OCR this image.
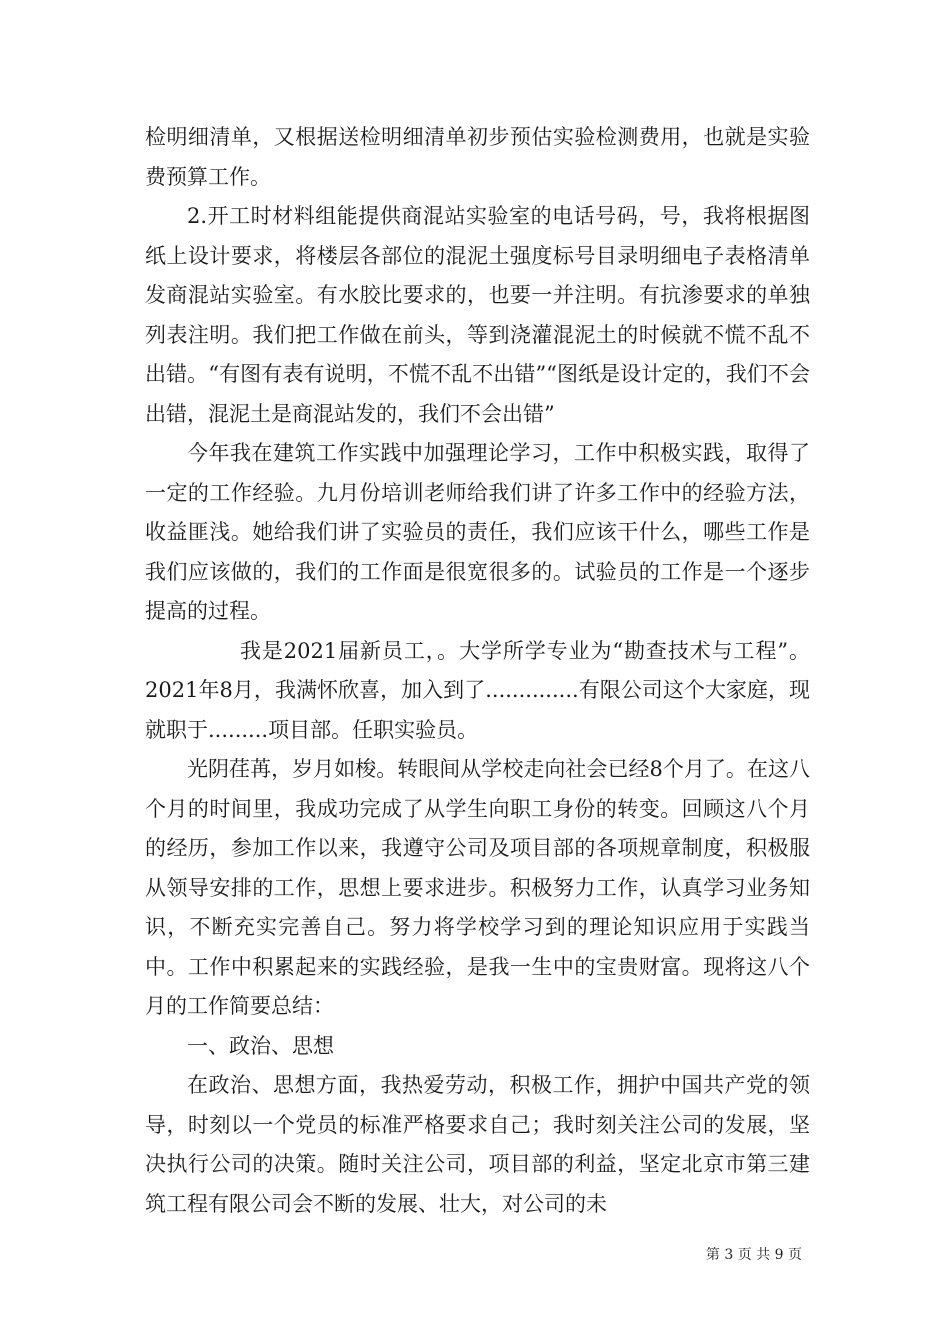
检明细清单，又根据送检明细清单初步预估实验检测费用，也就是实验费预算工作。

2.开工时材料组能提供商混站实验室的电话号码，号，我将根据图纸上设计要求，将楼层各部位的混泥土强度标号目录明细电子表格清单发商混站实验室。有水胶比要求的，也要一并注明。有抗渗要求的单独列表注明。我们把工作做在前头，等到浇灌混泥土的时候就不慌不乱不出错。“有图有表有说明，不慌不乱不出错”“图纸是设计定的，我们不会出错，混泥土是商混站发的，我们不会出错”

今年我在建筑工作实践中加强理论学习，工作中积极实践，取得了一定的工作经验。九月份培训老师给我们讲了许多工作中的经验方法，收益匪浅。她给我们讲了实验员的责任，我们应该干什么，哪些工作是我们应该做的，我们的工作面是很宽很多的。试验员的工作是一个逐步提高的过程。

我是2021届新员工，。大学所学专业为“勘查技术与工程”。2021年8月，我满怀欣喜，加入到了..............有限公司这个大家庭，现就职于.........项目部。任职实验员。

光阴荏苒，岁月如梭。转眼间从学校走向社会已经8个月了。在这八个月的时间里，我成功完成了从学生向职工身份的转变。回顾这八个月的经历，参加工作以来，我遵守公司及项目部的各项规章制度，积极服从领导安排的工作，思想上要求进步。积极努力工作，认真学习业务知识，不断充实完善自己。努力将学校学习到的理论知识应用于实践当中。工作中积累起来的实践经验，是我一生中的宝贵财富。现将这八个月的工作简要总结：

一、政治、思想

在政治、思想方面，我热爱劳动，积极工作，拥护中国共产党的领导，时刻以一个党员的标准严格要求自己；我时刻关注公司的发展，坚决执行公司的决策。随时关注公司，项目部的利益，坚定北京市第三建筑工程有限公司会不断的发展、壮大，对公司的未

第 3 页 共 9 页
